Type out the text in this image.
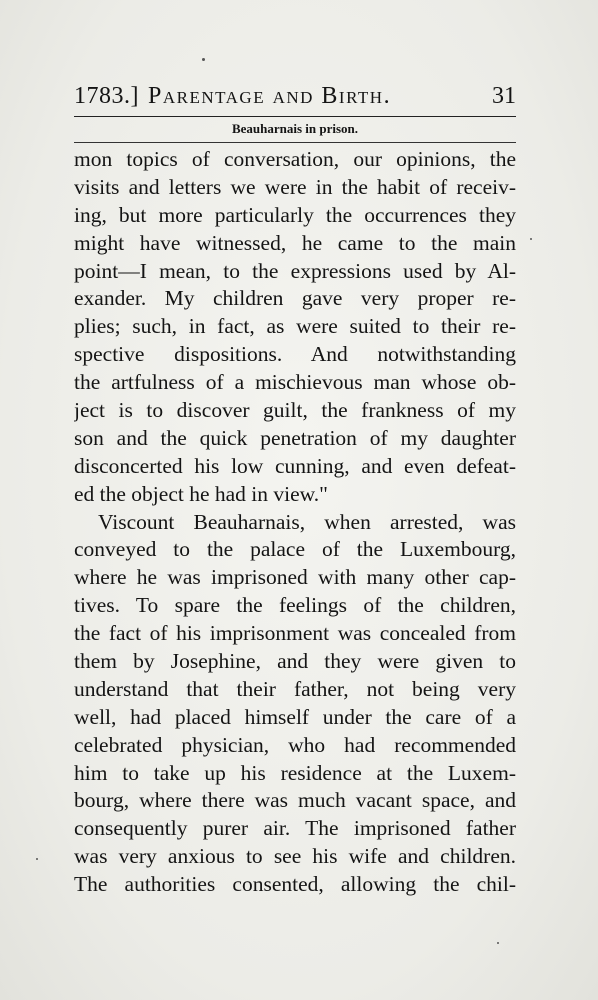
1783.] Parentage and Birth.	31
Beauharnais in prison.
mon topics of conversation, our opinions, the
visits and letters we were in the habit of receiv-
ing, but more particularly the occurrences they
might have witnessed, he came to the main
point—I mean, to the expressions used by Al-
exander. My children gave very proper re-
plies; such, in fact, as were suited to their re-
spective dispositions. And notwithstanding
the artfulness of a mischievous man whose ob-
ject is to discover guilt, the frankness of my
son and the quick penetration of my daughter
disconcerted his low cunning, and even defeat-
ed the object he had in view."
Viscount Beauharnais, when arrested, was
conveyed to the palace of the Luxembourg,
where he was imprisoned with many other cap-
tives. To spare the feelings of the children,
the fact of his imprisonment was concealed from
them by Josephine, and they were given to
understand that their father, not being very
well, had placed himself under the care of a
celebrated physician, who had recommended
him to take up his residence at the Luxem-
bourg, where there was much vacant space, and
consequently purer air. The imprisoned father
was very anxious to see his wife and children.
The authorities consented, allowing the chil-
